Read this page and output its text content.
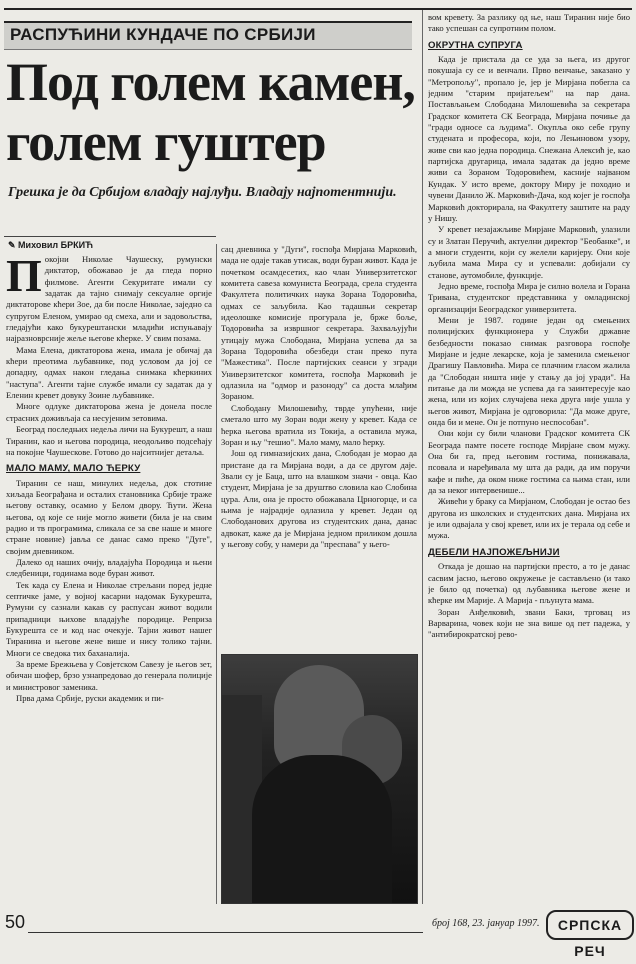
РАСПУЋИНИ КУНДАЧЕ ПО СРБИЈИ
Под голем камен, голем гуштер
Грешка је да Србијом владају најлуђи. Владају најпотентнији.
✎ Миховил БРКИЋ

Покојни Николае Чаушеску, румунски диктатор, обожавао је да гледа порно филмове. Агенти Секуритате имали су задатак да тајно снимају сексуалне оргије диктаторове кћери Зое, да би после Николае, заједно са супругом Еленом, умирао од смеха, али и задовољства, гледајући како букурештански младићи испуњавају најразноврсније жеље његове кћеркe. У свим позама.

Мама Елена, диктаторова жена, имала је обичај да кћери преотима љубавнике, под условом да јој се допадну, одмах након гледања снимака кћеркиних "наступа". Агенти тајне службе имали су задатак да у Еленин кревет довуку Зоине љубавнике.

Многе одлуке диктаторова жена је донела после страсних доживљаја са несујеним зетовима.

Београд последњих недеља личи на Букурешт, а наш Тиранин, као и његова породица, неодољиво подсећају на покојне Чаушескове. Готово до најситнијег детаља.

МАЛО МАМУ, МАЛО ЋЕРКУ

Тиранин се наш, минулих недеља, док стотине хиљада Београђана и осталих становника Србије траже његову оставку, осамио у Белом двору. Ћути. Жена његова, од које се није могло живети (била је на свим радио и тв програмима, сликала се за све наше и многе стране новине) јавља се данас само преко "Дуге", својим дневником.

Далеко од наших очију, владајућа Породица и њени следбеници, годинама воде буран живот.

Тек када су Елена и Николае стрељани поред једне септичке јаме, у војној касарни надомак Букурешта, Румуни су сазнали какав су распусан живот водили припадници њихове владајуће породице. Реприза Букурешта се и код нас очекује. Тајни живот нашег Тиранина и његове жене више и нису толико тајни. Многи се сведока тих баханалија.

За време Брежњева у Совјетском Савезу је његов зет, обичан шофер, брзо узнапредовао до генерала полиције и министровог заменика.

Прва дама Србије, руски академик и пи-

сац дневника у "Дуги", госпођа Мирјана Марковић, мада не одаје такав утисак, води буран живот. Када је почетком осамдесетих, као члан Универзитетског комитета савеза комуниста Београда, срела студента Факултета политичких наука Зорана Тодоровића, одмах се заљубила. Као тадашњи секретар идеолошке комисије прогурала је, брже боље, Тодоровића за извршног секретара. Захваљујући утицају мужа Слободана, Мирјана успева да за Зорана Тодоровића обезбеди стан преко пута "Мажестика". После партијских сеанси у згради Универзитетског комитета, госпођа Марковић је одлазила на "одмор и разоноду" са доста млађим Зораном.

Слободану Милошевићу, тврде упућени, није сметало што му Зоран води жену у кревет. Када се ћерка његова вратила из Токија, а оставила мужа, Зоран и њу "тешио". Мало маму, мало ћерку.

Још од гимназијских дана, Слободан је морао да пристане да га Мирјана води, а да се другом даје. Звали су је Баца, што на влашком значи - овца. Као студент, Мирјана је за друштво словила као Слобина цура. Али, она је просто обожавала Црногорце, и са њима је најрадије одлазила у кревет. Један од Слободанових другова из студентских дана, данас адвокат, каже да је Мирјана једном приликом дошла у његову собу, у намери да "преспава" у њего-

вом кревету. За разлику од ње, наш Тиранин није био тако успешан са супротним полом.

ОКРУТНА СУПРУГА

Када је пристала да се уда за њега, из другог покушаја су се и венчали. Прво венчање, заказано у "Метропољу", пропало је, јер је Мирјана побегла са једним "старим пријатељем" на пар дана. Постављањем Слободана Милошевића за секретара Градског комитета СК Београда, Мирјана почиње да "гради односе са људима". Окупља око себе групу студената и професора, који, по Лењиновом узору, живе сви као једна породица. Снежана Алексић је, као партијска другарица, имала задатак да једно време живи са Зораном Тодоровићем, касније најваном Кундак. У исто време, доктору Миру је походио и чувени Данило Ж. Марковић-Дача, код којег је госпођа Марковић докторирала, на Факултету заштите на раду у Нишу.

У кревет незајажљиве Мирјане Марковић, улазили су и Златан Перучић, актуелни директор "Беобанке", и а многи студенти, који су желели каријеру. Они које љубила мама Мира су и успевали: добијали су станове, аутомобиле, функције.

Једно време, госпођа Мира је силно волела и Горана Тривана, студентског представника у омладинској организацији Београдског универзитета.

Мени је 1987. године један од смењених полицијских функционера у Служби државне безбедности показао снимак разговора госпође Мирјане и једне лекарске, која је заменила смењеног Драгишу Павловића. Мира се плачним гласом жалила да "Слободан ништа није у стању да јој уради". На питање да ли можда не успева да га заинтересује као жена, или из којих случајева нека друга није ушла у његов живот, Мирјана је одговорила: "Да може друге, онда би и мене. Он је потпуно неспособан".

Они који су били чланови Градског комитета СК Београда памте посете господе Мирјане свом мужу. Она би га, пред његовим гостима, понижавала, псовала и наређивала му шта да ради, да им поручи кафе и пиће, да оком ниже гостима са њима стан, или да за неког интервенише...

Живећи у браку са Мирјаном, Слободан је остао без другова из школских и студентских дана. Мирјана их је или одвајала у свој кревет, или их је терала од себе и мужа.

ДЕБЕЛИ НАЈПОЖЕЉНИЈИ

Откада је дошао на партијски престо, а то је данас сасвим јасно, његово окружење је састављено (и тако је било од почетка) од љубавника његове жене и кћерке им Марије. А Марија - пљунута мама.

Зоран Анђелковић, звани Баки, трговац из Варварина, човек који не зна више од пет падежа, у "антибирократској рево-

50	број 168, 23. јануар 1997.	СРПСКА РЕЧ
